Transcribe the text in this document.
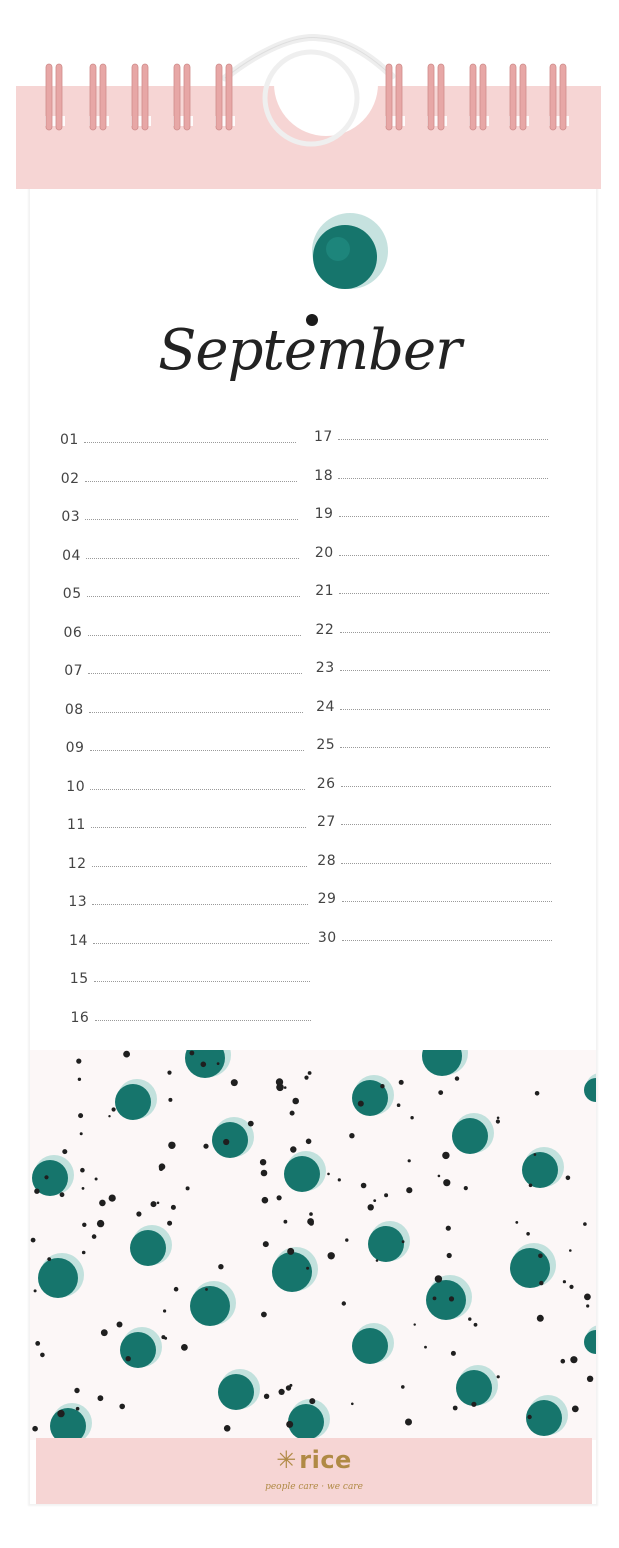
September
01
02
03
04
05
06
07
08
09
10
11
12
13
14
15
16
17
18
19
20
21
22
23
24
25
26
27
28
29
30
✳ rice
people care · we care
